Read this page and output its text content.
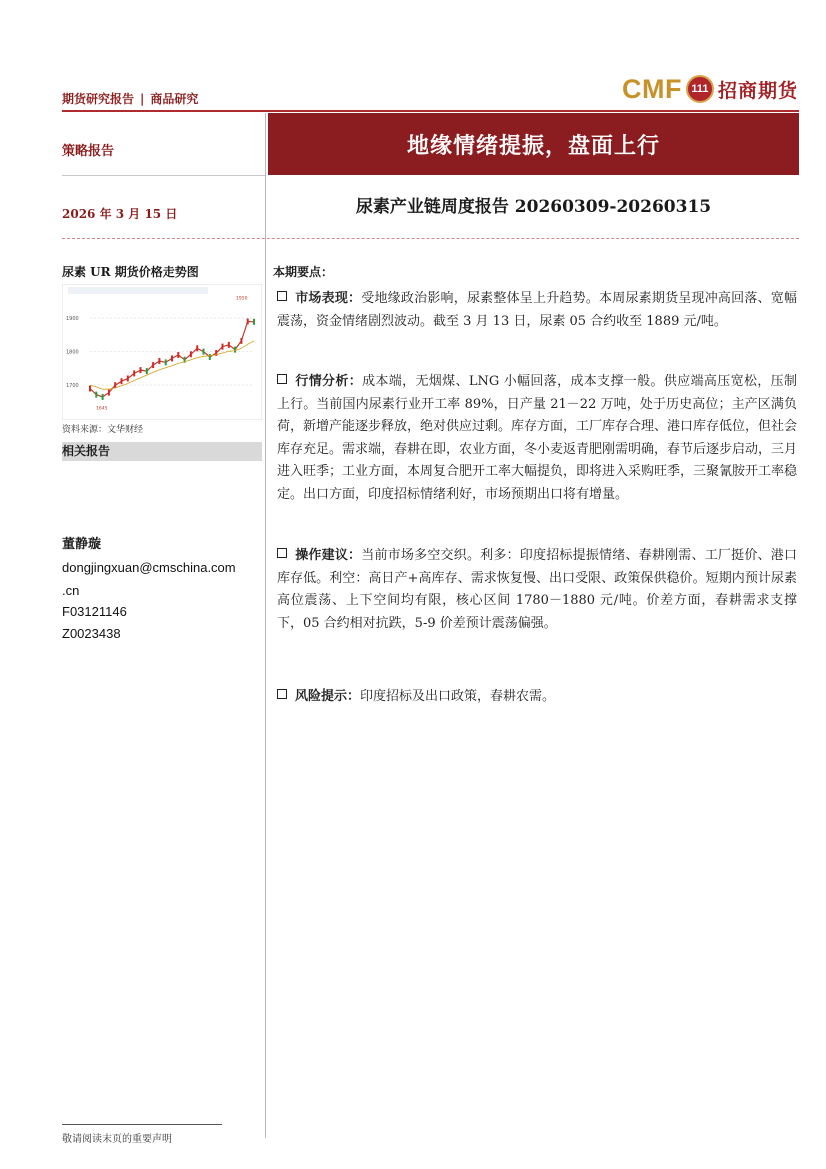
期货研究报告 | 商品研究	CMF 111 招商期货
策略报告	地缘情绪提振，盘面上行
2026 年 3 月 15 日	尿素产业链周度报告 20260309-20260315
尿素 UR 期货价格走势图
1900
1800
1700
1950
1645
资料来源：文华财经
相关报告
董静璇
dongjingxuan@cmschina.com
.cn
F03121146
Z0023438
本期要点：
市场表现：受地缘政治影响，尿素整体呈上升趋势。本周尿素期货呈现冲高回落、宽幅震荡，资金情绪剧烈波动。截至 3 月 13 日，尿素 05 合约收至 1889 元/吨。
行情分析：成本端，无烟煤、LNG 小幅回落，成本支撑一般。供应端高压宽松，压制上行。当前国内尿素行业开工率 89%，日产量 21－22 万吨，处于历史高位；主产区满负荷，新增产能逐步释放，绝对供应过剩。库存方面，工厂库存合理、港口库存低位，但社会库存充足。需求端，春耕在即，农业方面，冬小麦返青肥刚需明确，春节后逐步启动，三月进入旺季；工业方面，本周复合肥开工率大幅提负，即将进入采购旺季，三聚氰胺开工率稳定。出口方面，印度招标情绪利好，市场预期出口将有增量。
操作建议：当前市场多空交织。利多：印度招标提振情绪、春耕刚需、工厂挺价、港口库存低。利空：高日产+高库存、需求恢复慢、出口受限、政策保供稳价。短期内预计尿素高位震荡、上下空间均有限，核心区间 1780－1880 元/吨。价差方面，春耕需求支撑下，05 合约相对抗跌，5-9 价差预计震荡偏强。
风险提示：印度招标及出口政策，春耕农需。
敬请阅读末页的重要声明
